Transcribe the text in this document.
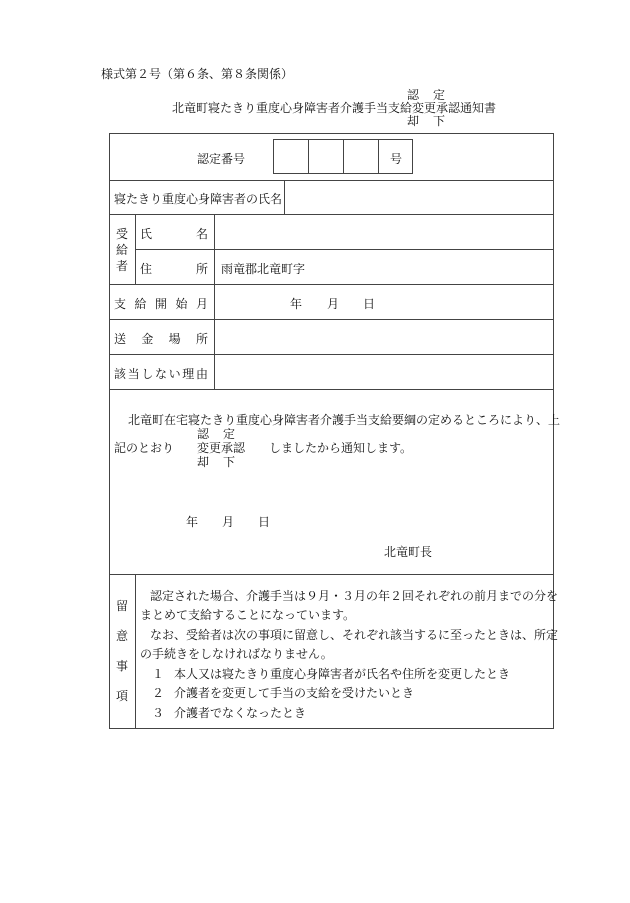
様式第２号（第６条、第８条関係）
認　定
北竜町寝たきり重度心身障害者介護手当支給変更承認通知書
却　下
認定番号	号
寝たきり重度心身障害者の氏名
受
給
者
氏	名
住	所 雨竜郡北竜町字
支 給 開 始 月	年 月 日
送 金 場 所
該 当 し な い 理 由
北竜町在宅寝たきり重度心身障害者介護手当支給要綱の定めるところにより、上
記のとおり
認　定
変更承認
却　下
しましたから通知します。
年 月 日
北竜町長
留
意
事
項
認定された場合、介護手当は９月・３月の年２回それぞれの前月までの分を
まとめて支給することになっています。
なお、受給者は次の事項に留意し、それぞれ該当するに至ったときは、所定
の手続きをしなければなりません。
１ 本人又は寝たきり重度心身障害者が氏名や住所を変更したとき
２ 介護者を変更して手当の支給を受けたいとき
３ 介護者でなくなったとき
